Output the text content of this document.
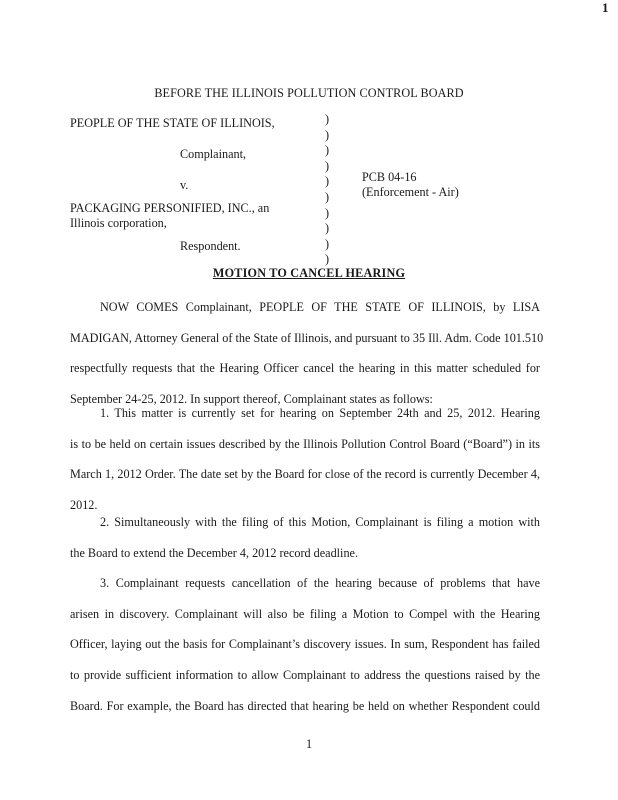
1
BEFORE THE ILLINOIS POLLUTION CONTROL BOARD
PEOPLE OF THE STATE OF ILLINOIS,
Complainant,
v.
PACKAGING PERSONIFIED, INC., an
Illinois corporation,
Respondent.
)
)
)
)
)
)
)
)
)
)
PCB 04-16
(Enforcement - Air)
MOTION TO CANCEL HEARING
NOW COMES Complainant, PEOPLE OF THE STATE OF ILLINOIS, by LISA
MADIGAN, Attorney General of the State of Illinois, and pursuant to 35 Ill. Adm. Code 101.510
respectfully requests that the Hearing Officer cancel the hearing in this matter scheduled for
September 24-25, 2012. In support thereof, Complainant states as follows:
1. This matter is currently set for hearing on September 24th and 25, 2012. Hearing
is to be held on certain issues described by the Illinois Pollution Control Board (“Board”) in its
March 1, 2012 Order. The date set by the Board for close of the record is currently December 4,
2012.
2. Simultaneously with the filing of this Motion, Complainant is filing a motion with
the Board to extend the December 4, 2012 record deadline.
3. Complainant requests cancellation of the hearing because of problems that have
arisen in discovery. Complainant will also be filing a Motion to Compel with the Hearing
Officer, laying out the basis for Complainant’s discovery issues. In sum, Respondent has failed
to provide sufficient information to allow Complainant to address the questions raised by the
Board. For example, the Board has directed that hearing be held on whether Respondent could
1
